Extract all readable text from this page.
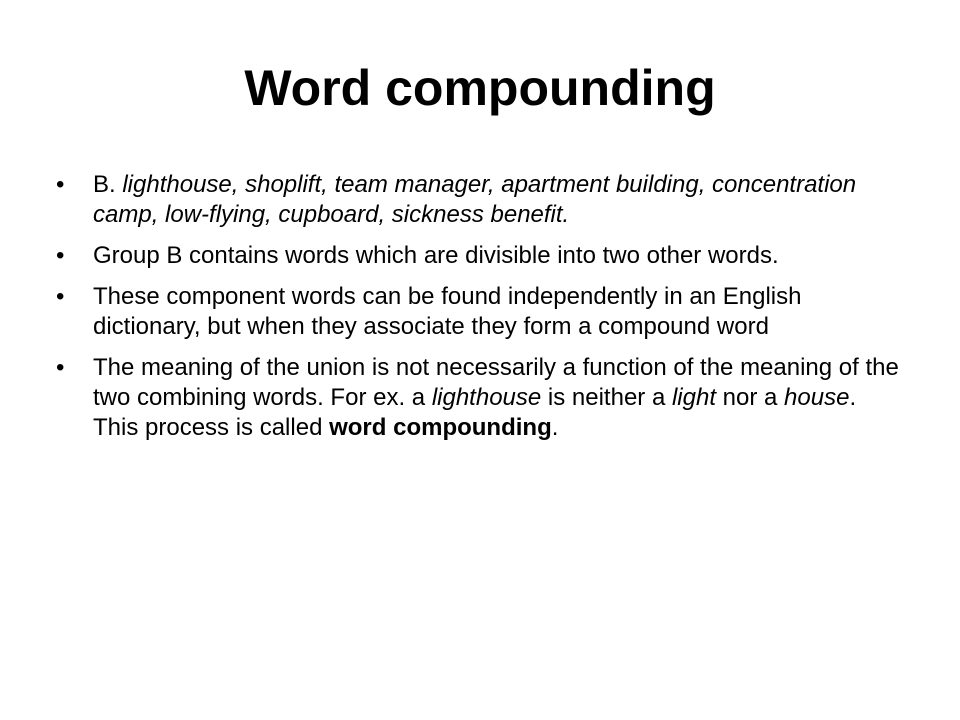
Word compounding
•	B. lighthouse, shoplift, team manager, apartment building, concentration camp, low-flying, cupboard, sickness benefit.
•	Group B contains words which are divisible into two other words.
•	These component words can be found independently in an English dictionary, but when they associate they form a compound word
•	The meaning of the union is not necessarily a function of the meaning of the two combining words. For ex. a lighthouse is neither a light nor a house. This process is called word compounding.
